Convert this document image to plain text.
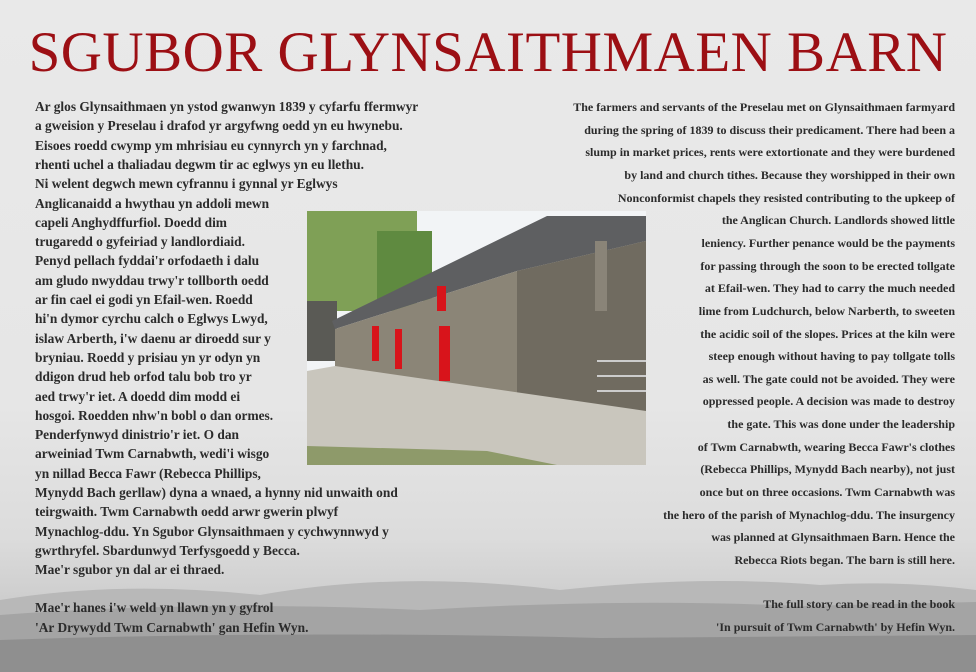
SGUBOR GLYNSAITHMAEN BARN
Ar glos Glynsaithmaen yn ystod gwanwyn 1839 y cyfarfu ffermwyr
a gweision y Preselau i drafod yr argyfwng oedd yn eu hwynebu.
Eisoes roedd cwymp ym mhrisiau eu cynnyrch yn y farchnad,
rhenti uchel a thaliadau degwm tir ac eglwys yn eu llethu.
Ni welent degwch mewn cyfrannu i gynnal yr Eglwys
Anglicanaidd a hwythau yn addoli mewn
capeli Anghydffurfiol. Doedd dim
trugaredd o gyfeiriad y landlordiaid.
Penyd pellach fyddai'r orfodaeth i dalu
am gludo nwyddau trwy'r tollborth oedd
ar fin cael ei godi yn Efail-wen. Roedd
hi'n dymor cyrchu calch o Eglwys Lwyd,
islaw Arberth, i'w daenu ar diroedd sur y
bryniau. Roedd y prisiau yn yr odyn yn
ddigon drud heb orfod talu bob tro yr
aed trwy'r iet. A doedd dim modd ei
hosgoi. Roedden nhw'n bobl o dan ormes.
Penderfynwyd dinistrio'r iet. O dan
arweiniad Twm Carnabwth, wedi'i wisgo
yn nillad Becca Fawr (Rebecca Phillips,
Mynydd Bach gerllaw) dyna a wnaed, a hynny nid unwaith ond
teirgwaith. Twm Carnabwth oedd arwr gwerin plwyf
Mynachlog-ddu. Yn Sgubor Glynsaithmaen y cychwynnwyd y
gwrthryfel. Sbardunwyd Terfysgoedd y Becca.
Mae'r sgubor yn dal ar ei thraed.
Mae'r hanes i'w weld yn llawn yn y gyfrol
'Ar Drywydd Twm Carnabwth' gan Hefin Wyn.
The farmers and servants of the Preselau met on Glynsaithmaen farmyard
during the spring of 1839 to discuss their predicament. There had been a
slump in market prices, rents were extortionate and they were burdened
by land and church tithes. Because they worshipped in their own
Nonconformist chapels they resisted contributing to the upkeep of
the Anglican Church. Landlords showed little
leniency. Further penance would be the payments
for passing through the soon to be erected tollgate
at Efail-wen. They had to carry the much needed
lime from Ludchurch, below Narberth, to sweeten
the acidic soil of the slopes. Prices at the kiln were
steep enough without having to pay tollgate tolls
as well. The gate could not be avoided. They were
oppressed people. A decision was made to destroy
the gate. This was done under the leadership
of Twm Carnabwth, wearing Becca Fawr's clothes
(Rebecca Phillips, Mynydd Bach nearby), not just
once but on three occasions. Twm Carnabwth was
the hero of the parish of Mynachlog-ddu. The insurgency
was planned at Glynsaithmaen Barn. Hence the
Rebecca Riots began. The barn is still here.
The full story can be read in the book
'In pursuit of Twm Carnabwth' by Hefin Wyn.
